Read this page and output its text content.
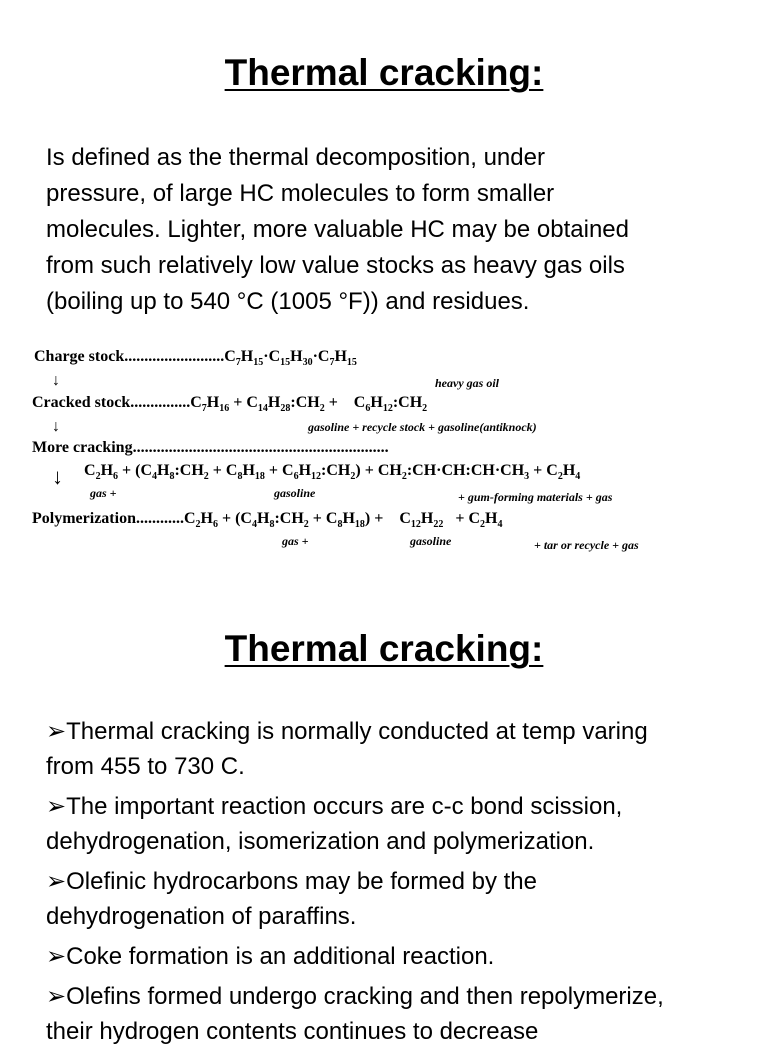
Thermal cracking:
Is defined as the thermal decomposition, under
pressure, of large HC molecules to form smaller
molecules. Lighter, more valuable HC may be obtained
from such relatively low value stocks as heavy gas oils
(boiling up to 540 °C (1005 °F)) and residues.
Charge $stock.........................C_7H_{15}\cdot C_{15}H_{30}\cdot C_7H_{15}$
heavy gas oil
↓
Cracked $stock...............C_7H_{16}$ + $C_{14}H_{28}:CH_2$ +    $C_6H_{12}:CH_2$
gasoline + recycle stock + gasoline(antiknock)
↓
More cracking................................................................
↓ $C_2H_6$ + ($C_4H_8:CH_2 + C_8H_{18}$ + $C_6H_{12}:CH_2$) + $CH_2:CH\cdot CH:CH\cdot CH_3 + C_2H_4$
gas +	gasoline	+ gum-forming materials + gas
$Polymerization............C_2H_6$ + $(C_4H_8:CH_2 + C_8H_{18})$ +    $C_{12}H_{22} + C_2H_4$
gas +	gasoline	+ tar or recycle + gas
Thermal cracking:
➢Thermal cracking is normally conducted at temp varing
from 455 to 730 C.
➢The important reaction occurs are c-c bond scission,
dehydrogenation, isomerization and polymerization.
➢Olefinic hydrocarbons may be formed by the
dehydrogenation of paraffins.
➢Coke formation is an additional reaction.
➢Olefins formed undergo cracking and then repolymerize,
their hydrogen contents continues to decrease
